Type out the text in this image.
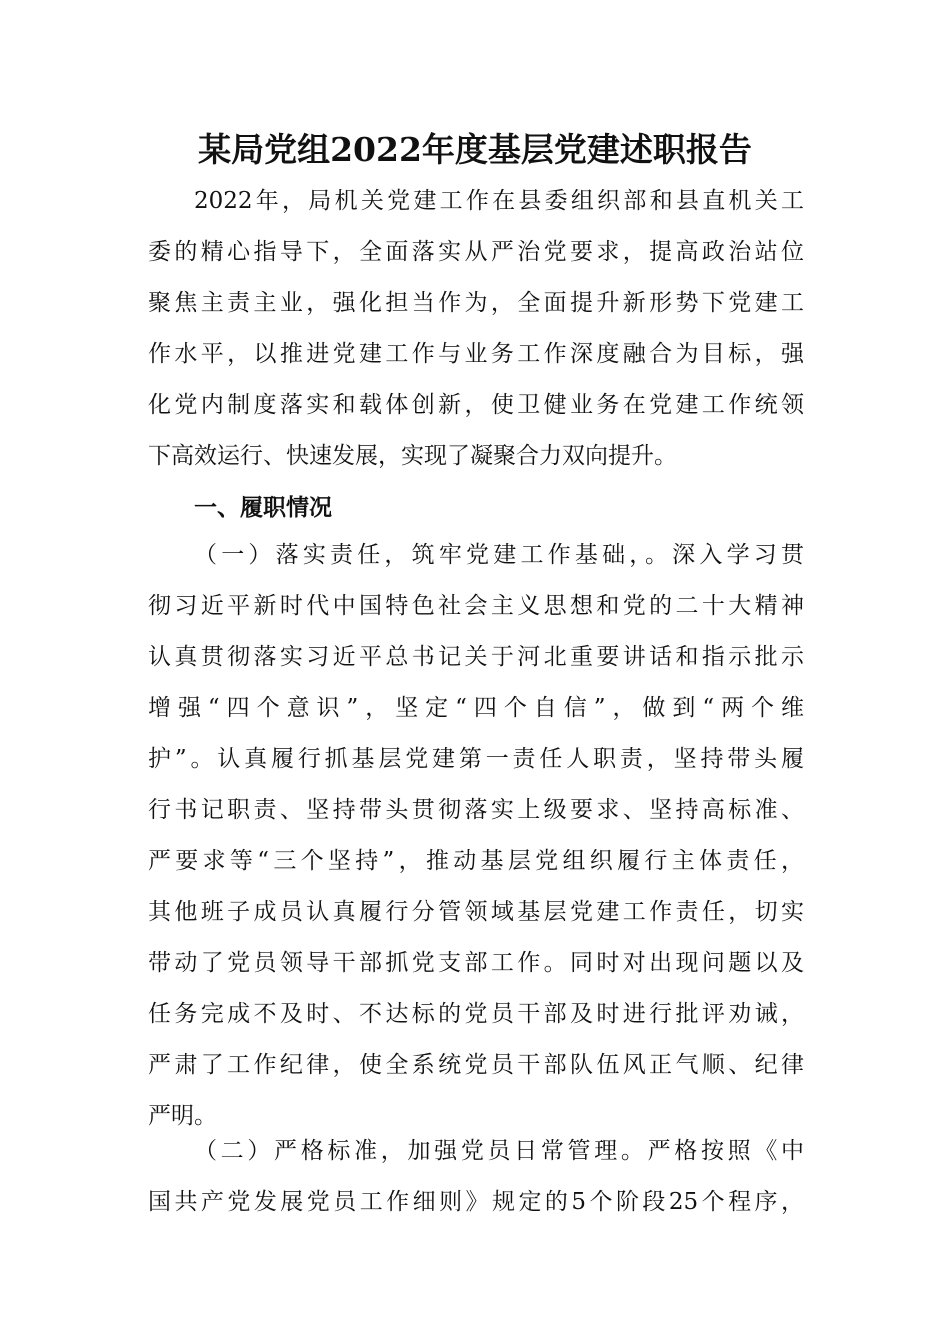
某局党组2022年度基层党建述职报告
2022年，局机关党建工作在县委组织部和县直机关工
委的精心指导下，全面落实从严治党要求，提高政治站位
聚焦主责主业，强化担当作为，全面提升新形势下党建工
作水平，以推进党建工作与业务工作深度融合为目标，强
化党内制度落实和载体创新，使卫健业务在党建工作统领
下高效运行、快速发展，实现了凝聚合力双向提升。
一、履职情况
（一）落实责任，筑牢党建工作基础，。深入学习贯
彻习近平新时代中国特色社会主义思想和党的二十大精神
认真贯彻落实习近平总书记关于河北重要讲话和指示批示
增强“四个意识”，坚定“四个自信”，做到“两个维
护”。认真履行抓基层党建第一责任人职责，坚持带头履
行书记职责、坚持带头贯彻落实上级要求、坚持高标准、
严要求等“三个坚持”，推动基层党组织履行主体责任，
其他班子成员认真履行分管领域基层党建工作责任，切实
带动了党员领导干部抓党支部工作。同时对出现问题以及
任务完成不及时、不达标的党员干部及时进行批评劝诫，
严肃了工作纪律，使全系统党员干部队伍风正气顺、纪律
严明。
（二）严格标准，加强党员日常管理。严格按照《中
国共产党发展党员工作细则》规定的5个阶段25个程序，
